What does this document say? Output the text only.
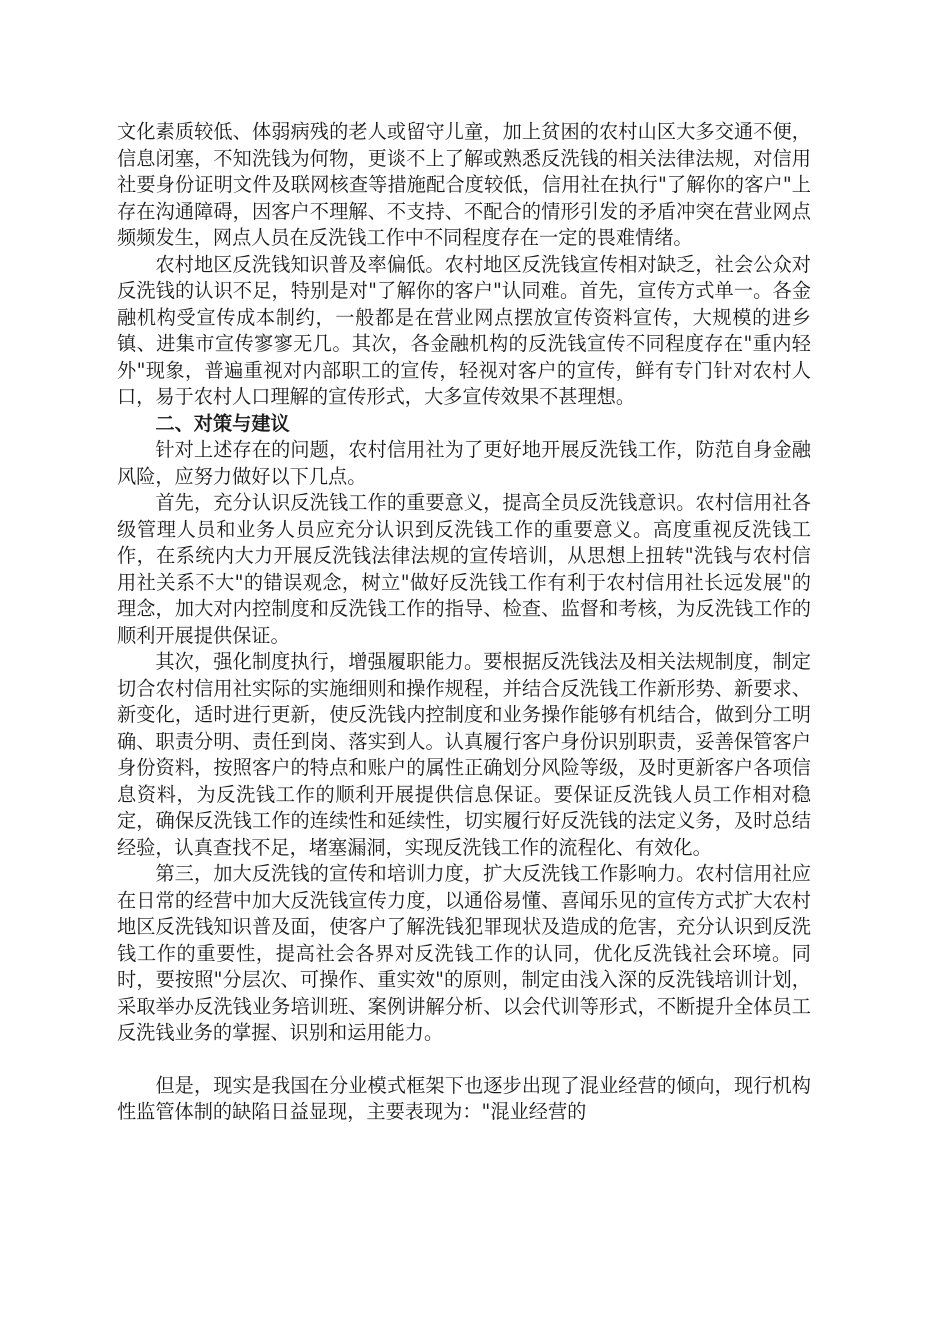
文化素质较低、体弱病残的老人或留守儿童，加上贫困的农村山区大多交通不便，信息闭塞，不知洗钱为何物，更谈不上了解或熟悉反洗钱的相关法律法规，对信用社要身份证明文件及联网核查等措施配合度较低，信用社在执行"了解你的客户"上存在沟通障碍，因客户不理解、不支持、不配合的情形引发的矛盾冲突在营业网点频频发生，网点人员在反洗钱工作中不同程度存在一定的畏难情绪。

农村地区反洗钱知识普及率偏低。农村地区反洗钱宣传相对缺乏，社会公众对反洗钱的认识不足，特别是对"了解你的客户"认同难。首先，宣传方式单一。各金融机构受宣传成本制约，一般都是在营业网点摆放宣传资料宣传，大规模的进乡镇、进集市宣传寥寥无几。其次，各金融机构的反洗钱宣传不同程度存在"重内轻外"现象，普遍重视对内部职工的宣传，轻视对客户的宣传，鲜有专门针对农村人口，易于农村人口理解的宣传形式，大多宣传效果不甚理想。

二、对策与建议

针对上述存在的问题，农村信用社为了更好地开展反洗钱工作，防范自身金融风险，应努力做好以下几点。

首先，充分认识反洗钱工作的重要意义，提高全员反洗钱意识。农村信用社各级管理人员和业务人员应充分认识到反洗钱工作的重要意义。高度重视反洗钱工作，在系统内大力开展反洗钱法律法规的宣传培训，从思想上扭转"洗钱与农村信用社关系不大"的错误观念，树立"做好反洗钱工作有利于农村信用社长远发展"的理念，加大对内控制度和反洗钱工作的指导、检查、监督和考核，为反洗钱工作的顺利开展提供保证。

其次，强化制度执行，增强履职能力。要根据反洗钱法及相关法规制度，制定切合农村信用社实际的实施细则和操作规程，并结合反洗钱工作新形势、新要求、新变化，适时进行更新，使反洗钱内控制度和业务操作能够有机结合，做到分工明确、职责分明、责任到岗、落实到人。认真履行客户身份识别职责，妥善保管客户身份资料，按照客户的特点和账户的属性正确划分风险等级，及时更新客户各项信息资料，为反洗钱工作的顺利开展提供信息保证。要保证反洗钱人员工作相对稳定，确保反洗钱工作的连续性和延续性，切实履行好反洗钱的法定义务，及时总结经验，认真查找不足，堵塞漏洞，实现反洗钱工作的流程化、有效化。

第三，加大反洗钱的宣传和培训力度，扩大反洗钱工作影响力。农村信用社应在日常的经营中加大反洗钱宣传力度，以通俗易懂、喜闻乐见的宣传方式扩大农村地区反洗钱知识普及面，使客户了解洗钱犯罪现状及造成的危害，充分认识到反洗钱工作的重要性，提高社会各界对反洗钱工作的认同，优化反洗钱社会环境。同时，要按照"分层次、可操作、重实效"的原则，制定由浅入深的反洗钱培训计划，采取举办反洗钱业务培训班、案例讲解分析、以会代训等形式，不断提升全体员工反洗钱业务的掌握、识别和运用能力。

但是，现实是我国在分业模式框架下也逐步出现了混业经营的倾向，现行机构性监管体制的缺陷日益显现，主要表现为："混业经营的
